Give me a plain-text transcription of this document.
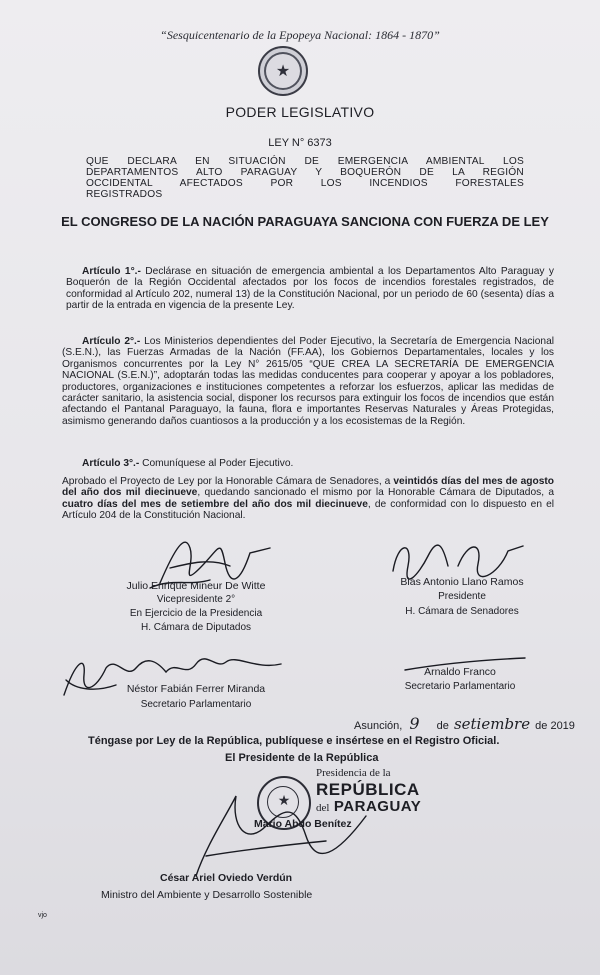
“Sesquicentenario de la Epopeya Nacional: 1864 - 1870”
★
PODER LEGISLATIVO
LEY N° 6373
QUE DECLARA EN SITUACIÓN DE EMERGENCIA AMBIENTAL LOS
DEPARTAMENTOS ALTO PARAGUAY Y BOQUERÓN DE LA REGIÓN
OCCIDENTAL AFECTADOS POR LOS INCENDIOS FORESTALES
REGISTRADOS
EL CONGRESO DE LA NACIÓN PARAGUAYA SANCIONA CON FUERZA DE LEY
Artículo 1°.- Declárase en situación de emergencia ambiental a los Departamentos Alto Paraguay y Boquerón de la Región Occidental afectados por los focos de incendios forestales registrados, de conformidad al Artículo 202, numeral 13) de la Constitución Nacional, por un periodo de 60 (sesenta) días a partir de la entrada en vigencia de la presente Ley.
Artículo 2°.- Los Ministerios dependientes del Poder Ejecutivo, la Secretaría de Emergencia Nacional (S.E.N.), las Fuerzas Armadas de la Nación (FF.AA), los Gobiernos Departamentales, locales y los Organismos concurrentes por la Ley N° 2615/05 “QUE CREA LA SECRETARÍA DE EMERGENCIA NACIONAL (S.E.N.)”, adoptarán todas las medidas conducentes para cooperar y apoyar a los pobladores, productores, organizaciones e instituciones competentes a reforzar los esfuerzos, aplicar las medidas de carácter sanitario, la asistencia social, disponer los recursos para extinguir los focos de incendios que están afectando el Pantanal Paraguayo, la fauna, flora e importantes Reservas Naturales y Áreas Protegidas, asimismo generando daños cuantiosos a la producción y a los ecosistemas de la Región.
Artículo 3°.- Comuníquese al Poder Ejecutivo.
Aprobado el Proyecto de Ley por la Honorable Cámara de Senadores, a veintidós días del mes de agosto del año dos mil diecinueve, quedando sancionado el mismo por la Honorable Cámara de Diputados, a cuatro días del mes de setiembre del año dos mil diecinueve, de conformidad con lo dispuesto en el Artículo 204 de la Constitución Nacional.
Julio Enrique Mineur De Witte
Vicepresidente 2°
En Ejercicio de la Presidencia
H. Cámara de Diputados
Blas Antonio Llano Ramos
Presidente
H. Cámara de Senadores
Néstor Fabián Ferrer Miranda
Secretario Parlamentario
Arnaldo Franco
Secretario Parlamentario
Asunción, 9 de setiembre de 2019
Téngase por Ley de la República, publíquese e insértese en el Registro Oficial.
El Presidente de la República
★
Presidencia de la
REPÚBLICA
del PARAGUAY
Mario Abdo Benítez
César Ariel Oviedo Verdún
Ministro del Ambiente y Desarrollo Sostenible
vjo
